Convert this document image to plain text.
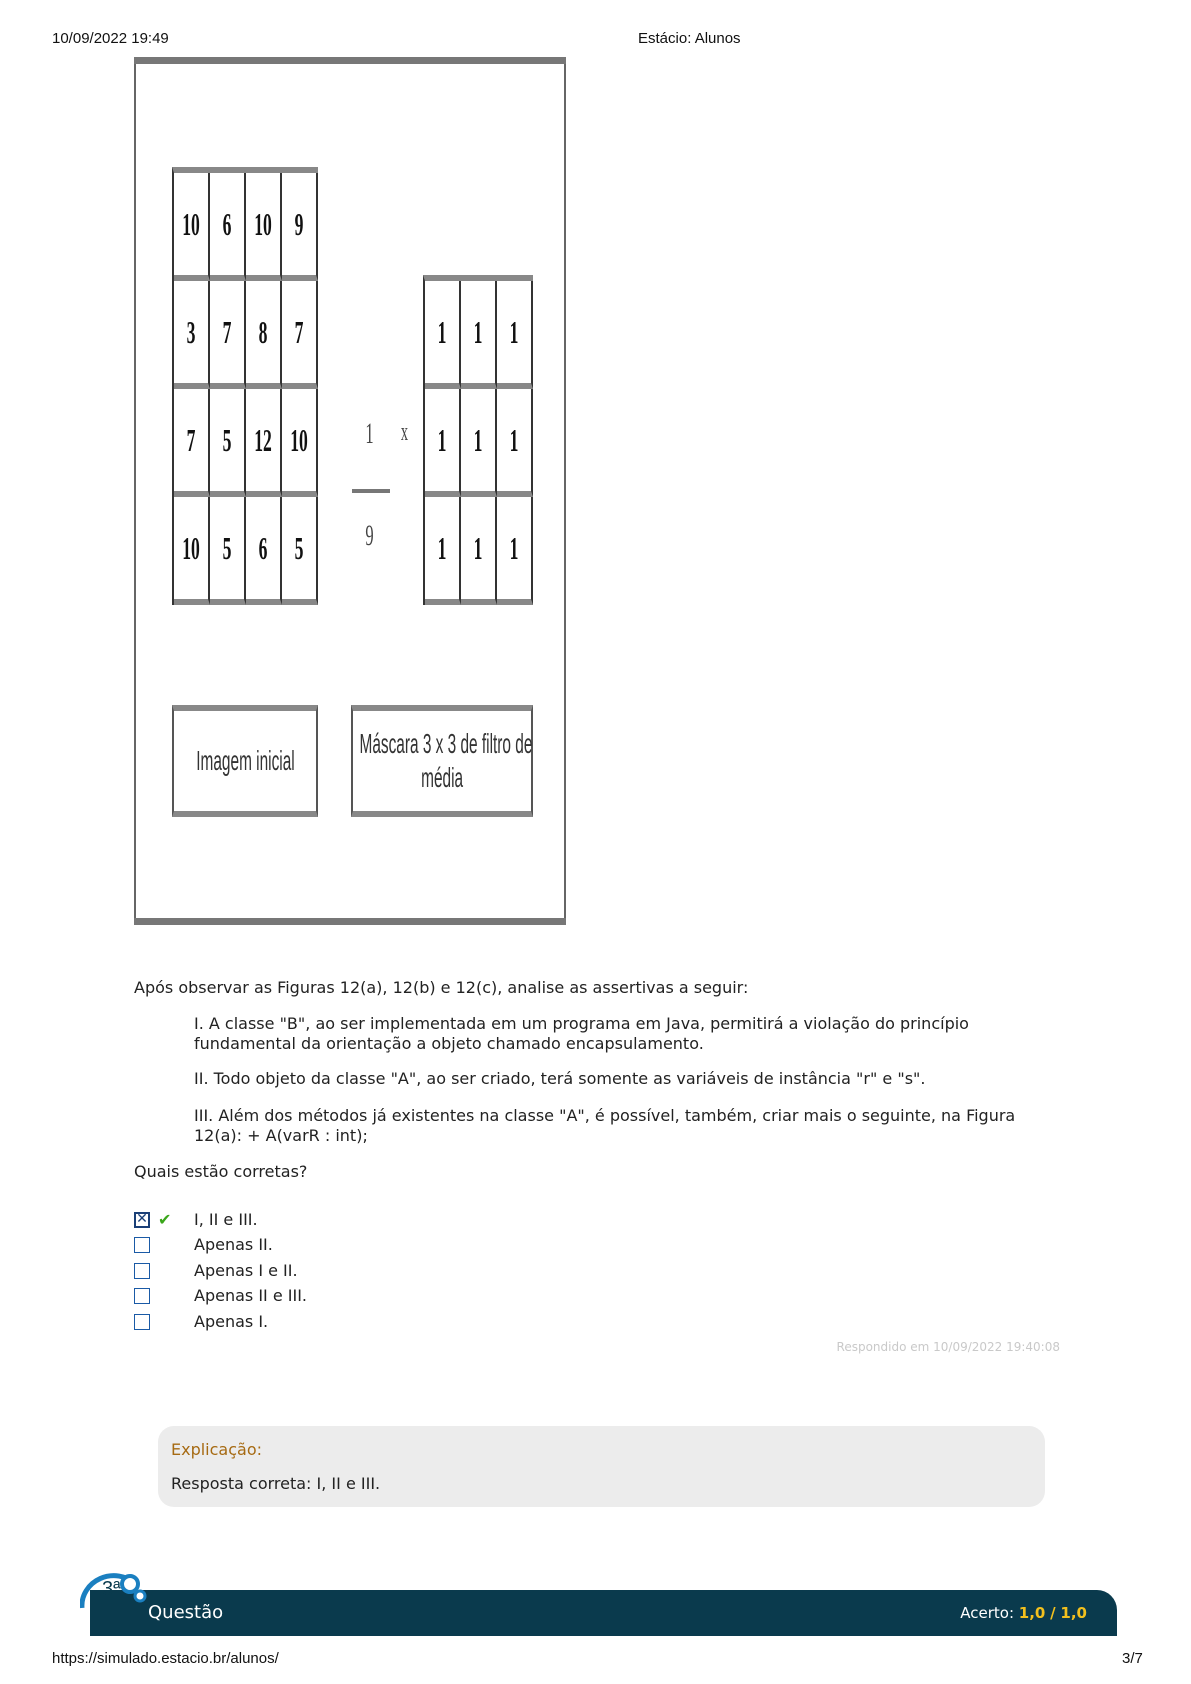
10/09/2022 19:49	Estácio: Alunos
10 6 10 9
3 7 8 7
7 5 12 10
10 5 6 5
1
9
x
1 1 1
1 1 1
1 1 1
Imagem inicial
Máscara 3 x 3 de filtro de
média
Após observar as Figuras 12(a), 12(b) e 12(c), analise as assertivas a seguir:
I. A classe "B", ao ser implementada em um programa em Java, permitirá a violação do princípio
fundamental da orientação a objeto chamado encapsulamento.
II. Todo objeto da classe "A", ao ser criado, terá somente as variáveis de instância "r" e "s".
III. Além dos métodos já existentes na classe "A", é possível, também, criar mais o seguinte, na Figura
12(a): + A(varR : int);
Quais estão corretas?
✕
✔ I, II e III.
Apenas II.
Apenas I e II.
Apenas II e III.
Apenas I.
Respondido em 10/09/2022 19:40:08
Explicação:
Resposta correta: I, II e III.
Questão	Acerto: 1,0 / 1,0
3ª
https://simulado.estacio.br/alunos/	3/7
